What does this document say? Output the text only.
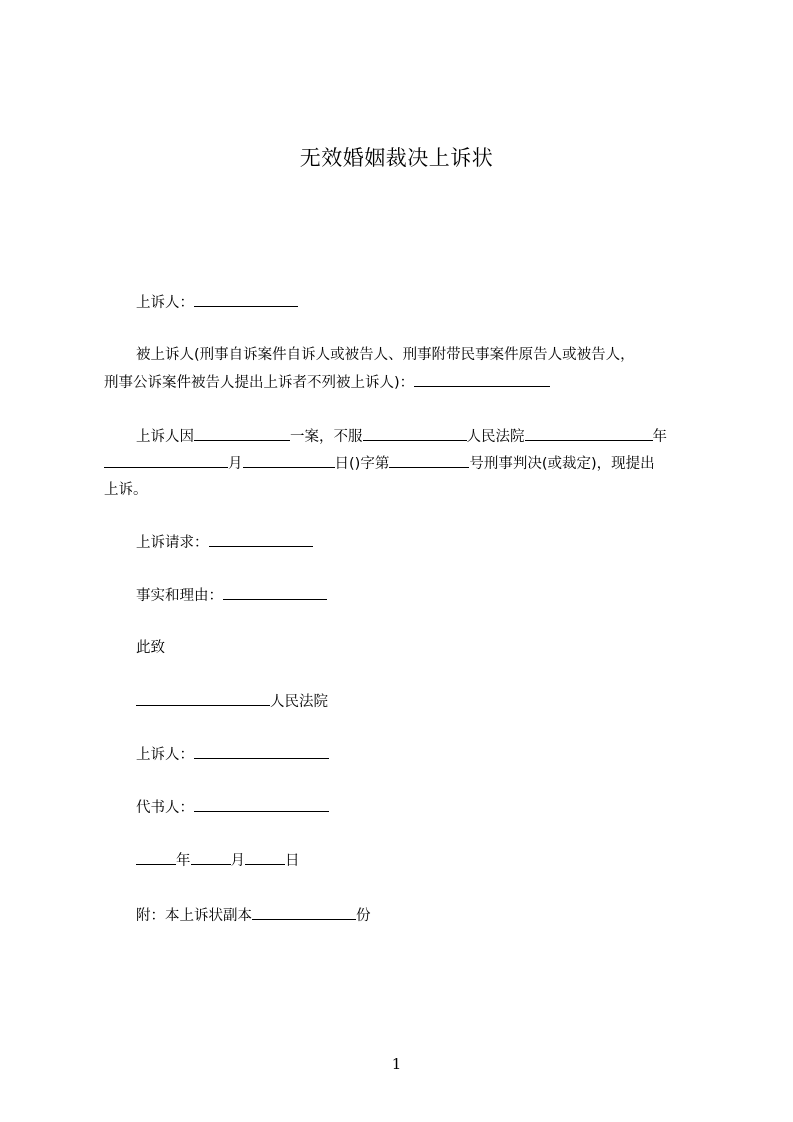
无效婚姻裁决上诉状
上诉人：
被上诉人(刑事自诉案件自诉人或被告人、刑事附带民事案件原告人或被告人，
刑事公诉案件被告人提出上诉者不列被上诉人)：
上诉人因	一案，不服	人民法院	年
月	日()字第	号刑事判决(或裁定)，现提出
上诉。
上诉请求：
事实和理由：
此致
人民法院
上诉人：
代书人：
年	月	日
附：本上诉状副本	份
1
